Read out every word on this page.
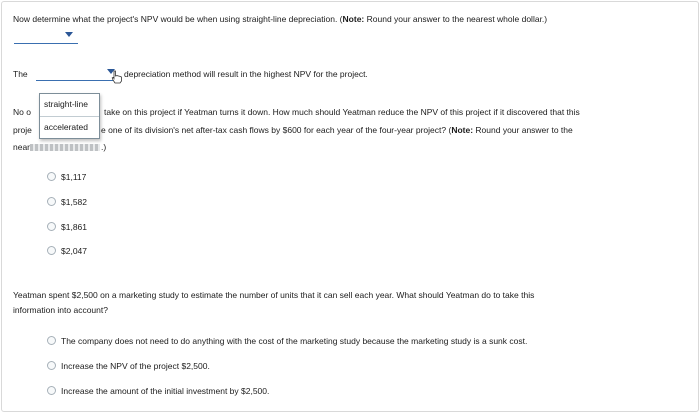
Now determine what the project's NPV would be when using straight-line depreciation. (Note: Round your answer to the nearest whole dollar.)
The	depreciation method will result in the highest NPV for the project.
No o	take on this project if Yeatman turns it down. How much should Yeatman reduce the NPV of this project if it discovered that this
proje	e one of its division's net after-tax cash flows by $600 for each year of the four-year project? (Note: Round your answer to the
near	.)
straight-line
accelerated
$1,117
$1,582
$1,861
$2,047
Yeatman spent $2,500 on a marketing study to estimate the number of units that it can sell each year. What should Yeatman do to take this
information into account?
The company does not need to do anything with the cost of the marketing study because the marketing study is a sunk cost.
Increase the NPV of the project $2,500.
Increase the amount of the initial investment by $2,500.
